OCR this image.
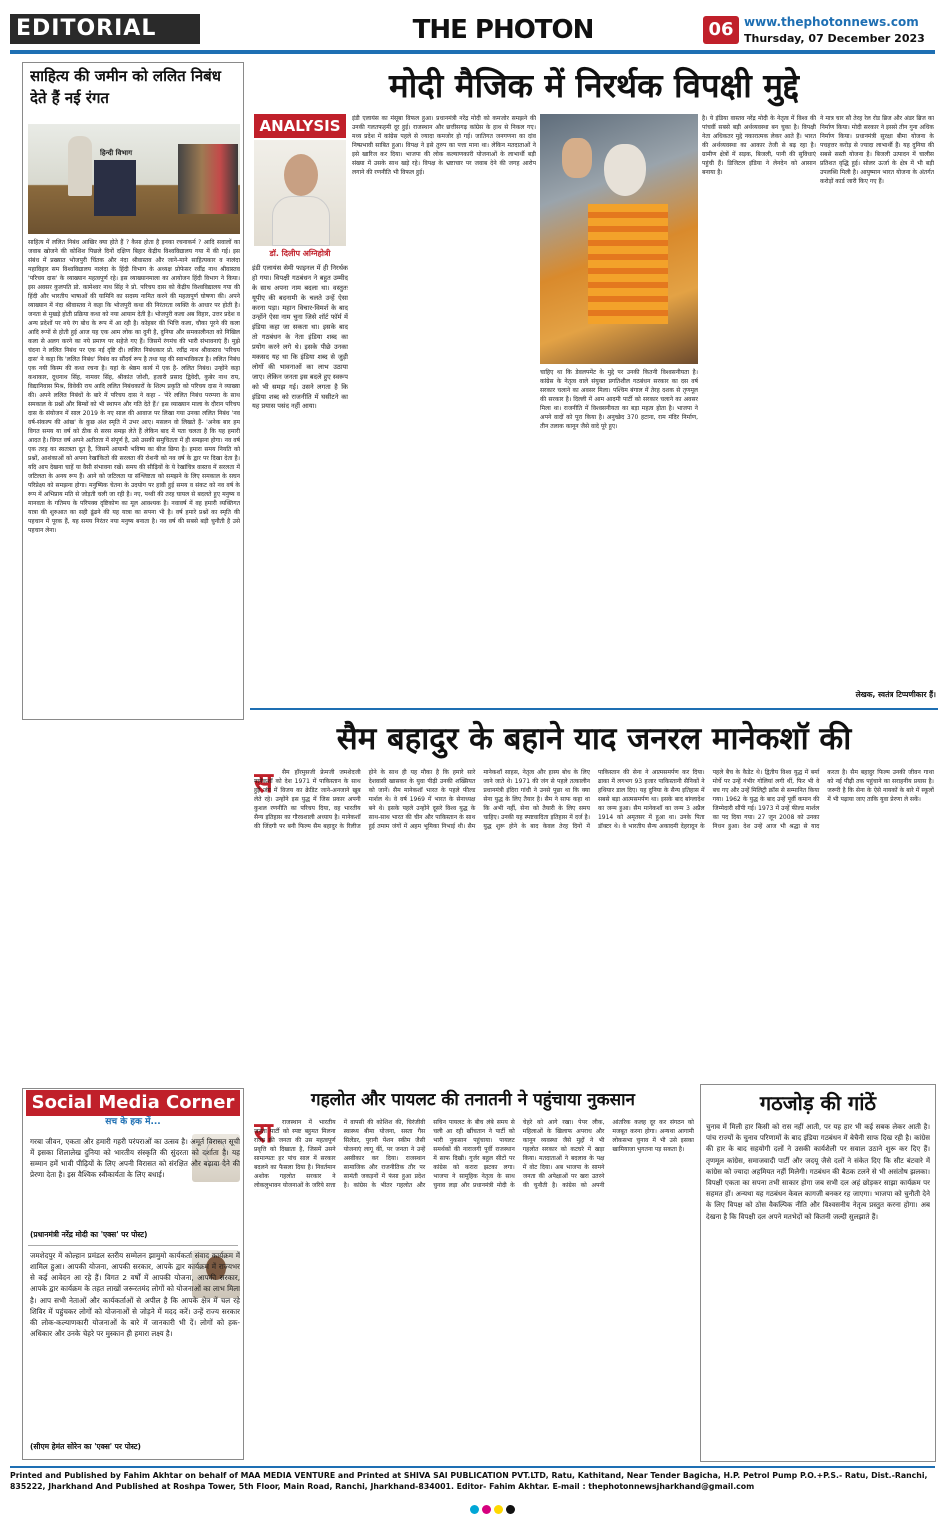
EDITORIAL	THE PHOTON	06 www.thephotonnews.com
Thursday, 07 December 2023
साहित्य की जमीन को ललित निबंध देते हैं नई रंगत
हिन्दी विभाग
साहित्य में ललित निबंध आखिर क्या होते हैं ? कैसा होता है इनका रचनाकर्म ? आदि सवालों का जवाब खोजने की कोशिश पिछले दिनों दक्षिण बिहार केंद्रीय विश्वविद्यालय गया में की गई। इस संबंध में प्रख्यात भोजपुरी चिंतक और नंदा श्रीवास्तव और जाने-माने साहित्यकार व नालंदा महाविहार सम विश्वविद्यालय नालंदा के हिंदी विभाग के अध्यक्ष प्रोफेसर रवींद्र नाथ श्रीवास्तव 'परिचय दास' के व्याख्यान महत्वपूर्ण रहे। इस व्याख्यानमाला का आयोजन हिंदी विभाग ने किया। इस अवसर कुलपति प्रो. कामेश्वर नाथ सिंह ने प्रो. परिचय दास को केंद्रीय विश्वविद्यालय गया की हिंदी और भारतीय भाषाओं की यामिनि का सदस्य नामित करने की महत्वपूर्ण घोषणा की। अपने व्याख्यान में नंदा श्रीवास्तव ने कहा कि भोजपुरी कथा की निरंतरता व्यक्ति के आधार पर होती है। जनता से मुखड़े होती प्रक्रिया कथा को नया आयाम देती है। भोजपुरी कला अब विहार, उत्तर प्रदेश व अन्य प्रदेशों पर नये रंग बोध के रूप में आ रही है। कोहबर की भित्ति कला, चौका पूरने की कला आदि रूपों से होती हुई आज यह एक आम लोक का दुनी है, दुनिया और समकालीनता को निखिल कला से अलग करने का नये प्रमाण पर सहेजे गए हैं। जिसमें रंगमंच की भारी संभावनाएं हैं। मुझे चंदना ने ललित निबंध पर एक नई दृष्टि दी। ललित निबंधकार प्रो. रवींद्र नाथ श्रीवास्तव 'परिचय दास' ने कहा कि 'ललित निबंध' निबंध का सौंदर्य रूप है तथा यह की स्वाभाविकता है। ललित निबंध एक नयी किस्म की कथा रचना है। यहां के श्रेष्ठम कार्य में एक है- ललित निबंध। उन्होंने कहा कथाकार, दूधनाथ सिंह, नामवर सिंह, श्रीकांत जोशी, हजारी प्रसाद द्विवेदी, कुबेर नाथ राय, विद्यानिवास मिश्र, विवेकी राय आदि ललित निबंधकारों के शिल्प प्रकृति को परिचय दास ने व्याख्या की। अपने ललित निबंधों के बारे में परिचय दास ने कहा - 'मेरे ललित निबंध परम्परा के साथ समकाल के प्रश्नों और बिम्बों को भी स्थापन और गति देते हैं।' इस व्याख्यान माला के दौरान परिचय दास के संयोजन में साल 2019 के नए साल की आवाज पर लिखा गया उनका ललित निबंध 'नव वर्ष-संकल्प की आंख' के कुछ अंश स्मृति में उभर आए। मसलन वो लिखते हैं- 'अनेक बार हम विगत समय या वर्ष को ठीक से सरस समझ लेते हैं लेकिन बाद में पता चलता है कि यह हमारी आदत है। विगत वर्ष अपने अतीतता में संपूर्ण है, उसे उसकी समुचितता में ही समझना होगा। नव वर्ष एक तरह का स्वतत्रता दूत है, जिसमें आयामी भविष्य का बीज छिपा है। हमारा समय नियति को प्रश्नों, आशंकाओं को अपना रेखांकितो की सरलता की रोशनी को नव वर्ष के द्वार पर दिखा देता है। यदि आप देखना चाहें या वैसी संभावना रखें। समय की सीढ़ियों के ये रेखांचित्र वास्तव में सरलता में जटिलता के अनय रूप हैं। आने को जटिलता या संश्लिष्टता को समझने के लिए समकाल के सघन परिप्रेक्ष्य को समझना होगा। मनुष्यिक चेतना के उदयोग पर हावी हुई समय व संकट को नव वर्ष के रूप में अभिप्राय मति से जोड़ती चली जा रही है। नए, पथ्वी की तरह घायल से बदलते हुए मनुष्य व मानवता के गतिमय के परिपक्व दृष्टिकोण का मूल आवश्यक है। नवावर्ष में वह हमारी व्यक्तिगत यात्रा की शुरुआत का सही ढूंढने की यह यात्रा का सपना भी है। वर्ष हमारे प्रश्नों का स्मृति की पहचान में पूरक हैं, यह समय निरंतर नया मनुष्य बनाता है। नव वर्ष की सबसे बड़ी चुनौती है उसे पहचान लेना।
मोदी मैजिक में निरर्थक विपक्षी मुद्दे
ANALYSIS
डॉ. दिलीप अग्निहोत्री
इंडी एलायंस सेमी फाइनल में ही निरर्थक हो गया। विपक्षी गठबंधन ने बहुत उम्मीद के साथ अपना नाम बदला था। वस्तुतः यूपीए की बदनामी के चलते उन्हें ऐसा करना पड़ा। महान विचार-विमर्श के बाद उन्होंने ऐसा नाम चुना जिसे शॉर्ट फॉर्म में इंडिया कहा जा सकता था। इसके बाद तो गठबंधन के नेता इंडिया शब्द का प्रयोग करने लगे थे। इसके पीछे उनका मकसद यह था कि इंडिया शब्द से जुड़ी लोगों की भावनाओं का लाभ उठाया जाए। लेकिन जनता इस बदले हुए स्वरूप को भी समझ गई। उसने लगता है कि इंडिया शब्द को राजनीति में घसीटने का यह प्रयास पसंद नहीं आया।
इंडी एलायंस का मंसूबा विफल हुआ। प्रधानमंत्री नरेंद्र मोदी को कमजोर समझने की उनकी गलतफहमी दूर हुई। राजस्थान और छत्तीसगढ़ कांग्रेस के हाथ से निकल गए। मध्य प्रदेश में कांग्रेस पहले से ज्यादा कमजोर हो गई। जातिगत जनगणना का दांव निष्प्रभावी साबित हुआ। विपक्ष ने इसे तुरुप का पत्ता माना था। लेकिन मतदाताओं ने इसे खारिज कर दिया। भाजपा की लोक कल्याणकारी योजनाओं के लाभार्थी बड़ी संख्या में उसके साथ खड़े रहे। विपक्ष के भ्रष्टाचार पर जवाब देने की जगह आरोप लगाने की रणनीति भी विफल हुई।
चाहिए था कि डेवलपमेंट के मुद्दे पर उनकी कितनी विश्वसनीयता है। कांग्रेस के नेतृत्व वाले संयुक्त प्रगतिशील गठबंधन सरकार का दस वर्ष सरकार चलाने का अवसर मिला। पश्चिम बंगाल में तेरह दशक से तृणमूल की सरकार है। दिल्ली में आम आदमी पार्टी को सरकार चलाने का अवसर मिला था। राजनीति में विश्वसनीयता का बड़ा महत्व होता है। भाजपा ने अपने वादों को पूरा किया है। अनुच्छेद 370 हटाना, राम मंदिर निर्माण, तीन तलाक कानून जैसे वादे पूरे हुए।
है। ये इंडिया वास्तव नरेंद्र मोदी के नेतृत्व में विश्व की पांचवीं सबसे बड़ी अर्थव्यवस्था बन चुका है। विपक्षी नेता अधिकतर मुद्दे नकारात्मक लेकर आते हैं। भारत की अर्थव्यवस्था का आकार तेजी से बढ़ रहा है। ग्रामीण क्षेत्रों में सड़क, बिजली, पानी की सुविधाएं पहुंची हैं। डिजिटल इंडिया ने लेनदेन को आसान बनाया है।
ने मात्र चार सौ तेरह रेल रोड ब्रिज और अंडर ब्रिज का निर्माण किया। मोदी सरकार ने इससे तीन गुना अधिक निर्माण किया। प्रधानमंत्री सुरक्षा बीमा योजना के पचहत्तर करोड़ से ज्यादा लाभार्थी हैं। यह दुनिया की सबसे सस्ती योजना है। बिजली उत्पादन में चालीस प्रतिशत वृद्धि हुई। सोलर ऊर्जा के क्षेत्र में भी बड़ी उपलब्धि मिली है। आयुष्मान भारत योजना के अंतर्गत करोड़ों कार्ड जारी किए गए हैं।
लेखक, स्वतंत्र टिप्पणीकार हैं।
सैम बहादुर के बहाने याद जनरल मानेकशॉ की
स	सैम हॉरमुसजी फ्रेमजी जमशेदजी मानेकशॉ को देश 1971 में पाकिस्तान के साथ हुई जंग में विजय का क्रेडिट जाने-अनजाने खूब लेते रहे। उन्होंने इस युद्ध में जिस प्रकार अपनी कुशल रणनीति का परिचय दिया, वह भारतीय सैन्य इतिहास का गौरवशाली अध्याय है। मानेकशॉ की जिंदगी पर बनी फिल्म सैम बहादुर के रिलीज होने के साथ ही यह मौका है कि हमारे सारे देशवासी खासकर के युवा पीढ़ी उनकी शख्सियत को जानें। सैम मानेकशॉ भारत के पहले फील्ड मार्शल थे। वे वर्ष 1969 में भारत के सेनाध्यक्ष बने थे। इसके पहले उन्होंने दूसरे विश्व युद्ध के साथ-साथ भारत की चीन और पाकिस्तान के साथ हुई तमाम जंगों में अहम भूमिका निभाई थी। सैम मानेकशॉ साहस, नेतृत्व और हास्य बोध के लिए जाने जाते थे। 1971 की जंग से पहले तत्कालीन प्रधानमंत्री इंदिरा गांधी ने उनसे पूछा था कि क्या सेना युद्ध के लिए तैयार है। सैम ने साफ कहा था कि अभी नहीं, सेना को तैयारी के लिए समय चाहिए। उनकी यह स्पष्टवादिता इतिहास में दर्ज है। युद्ध शुरू होने के बाद केवल तेरह दिनों में पाकिस्तान की सेना ने आत्मसमर्पण कर दिया। ढाका में लगभग 93 हजार पाकिस्तानी सैनिकों ने हथियार डाल दिए। यह दुनिया के सैन्य इतिहास में सबसे बड़ा आत्मसमर्पण था। इसके बाद बांग्लादेश का जन्म हुआ। सैम मानेकशॉ का जन्म 3 अप्रैल 1914 को अमृतसर में हुआ था। उनके पिता डॉक्टर थे। वे भारतीय सैन्य अकादमी देहरादून के पहले बैच के कैडेट थे। द्वितीय विश्व युद्ध में बर्मा मोर्चे पर उन्हें गंभीर गोलियां लगी थीं, फिर भी वे बच गए और उन्हें मिलिट्री क्रॉस से सम्मानित किया गया। 1962 के युद्ध के बाद उन्हें पूर्वी कमान की जिम्मेदारी सौंपी गई। 1973 में उन्हें फील्ड मार्शल का पद दिया गया। 27 जून 2008 को उनका निधन हुआ। देश उन्हें आज भी श्रद्धा से याद करता है। सैम बहादुर फिल्म उनकी जीवन गाथा को नई पीढ़ी तक पहुंचाने का सराहनीय प्रयास है। जरूरी है कि सेना के ऐसे नायकों के बारे में स्कूलों में भी पढ़ाया जाए ताकि युवा प्रेरणा ले सकें।
Social Media Corner
सच के हक में...
गरबा जीवन, एकता और हमारी गहरी परंपराओं का उत्सव है। अमूर्त विरासत सूची में इसका शिलालेख दुनिया को भारतीय संस्कृति की सुंदरता को दर्शाता है। यह सम्मान हमें भावी पीढ़ियों के लिए अपनी विरासत को संरक्षित और बढ़ावा देने की प्रेरणा देता है। इस वैश्विक स्वीकार्यता के लिए बधाई।
(प्रधानमंत्री नरेंद्र मोदी का 'एक्स' पर पोस्ट)
जमशेदपुर में कोल्हान प्रमंडल स्तरीय सम्मेलन झामुमो कार्यकर्ता संवाद कार्यक्रम में शामिल हुआ। आपकी योजना, आपकी सरकार, आपके द्वार कार्यक्रम में राज्यभर से कई आवेदन आ रहे हैं। विगत 2 वर्षों में आपकी योजना, आपकी सरकार, आपके द्वार कार्यक्रम के तहत लाखों जरूरतमंद लोगों को योजनाओं का लाभ मिला है। आप सभी नेताओं और कार्यकर्ताओं से अपील है कि आपके क्षेत्र में चल रहे शिविर में पहुंचकर लोगों को योजनाओं से जोड़ने में मदद करें। उन्हें राज्य सरकार की लोक-कल्याणकारी योजनाओं के बारे में जानकारी भी दें। लोगों को हक-अधिकार और उनके चेहरे पर मुस्कान ही हमारा लक्ष्य है।
(सीएम हेमंत सोरेन का 'एक्स' पर पोस्ट)
गहलोत और पायलट की तनातनी ने पहुंचाया नुकसान
रा	राजस्थान में भारतीय जनता पार्टी को स्पष्ट बहुमत मिलना राज्य की जनता की उस महत्वपूर्ण प्रवृत्ति को दिखाता है, जिसमें उसने सामान्यतः हर पांच साल में सरकार बदलने का फैसला दिया है। निवर्तमान अशोक गहलोत सरकार ने लोकलुभावन योजनाओं के जरिये सत्ता में वापसी की कोशिश की, चिरंजीवी स्वास्थ्य बीमा योजना, सस्ता गैस सिलेंडर, पुरानी पेंशन स्कीम जैसी योजनाएं लागू कीं, पर जनता ने उन्हें अस्वीकार कर दिया। राजस्थान सामाजिक और राजनीतिक तौर पर सामंती जकड़नों में फंसा हुआ प्रदेश है। कांग्रेस के भीतर गहलोत और सचिन पायलट के बीच लंबे समय से चली आ रही खींचतान ने पार्टी को भारी नुकसान पहुंचाया। पायलट समर्थकों की नाराजगी पूर्वी राजस्थान में साफ दिखी। गुर्जर बहुल सीटों पर कांग्रेस को करारा झटका लगा। भाजपा ने सामूहिक नेतृत्व के साथ चुनाव लड़ा और प्रधानमंत्री मोदी के चेहरे को आगे रखा। पेपर लीक, महिलाओं के खिलाफ अपराध और कानून व्यवस्था जैसे मुद्दों ने भी गहलोत सरकार को कटघरे में खड़ा किया। मतदाताओं ने बदलाव के पक्ष में वोट दिया। अब भाजपा के सामने जनता की अपेक्षाओं पर खरा उतरने की चुनौती है। कांग्रेस को अपनी आंतरिक कलह दूर कर संगठन को मजबूत करना होगा। अन्यथा आगामी लोकसभा चुनाव में भी उसे इसका खामियाजा भुगतना पड़ सकता है।
गठजोड़ की गांठें
चुनाव में मिली हार किसी को रास नहीं आती, पर यह हार भी कई सबक लेकर आती है। पांच राज्यों के चुनाव परिणामों के बाद इंडिया गठबंधन में बेचैनी साफ दिख रही है। कांग्रेस की हार के बाद सहयोगी दलों ने उसकी कार्यशैली पर सवाल उठाने शुरू कर दिए हैं। तृणमूल कांग्रेस, समाजवादी पार्टी और जदयू जैसे दलों ने संकेत दिए कि सीट बंटवारे में कांग्रेस को ज्यादा अहमियत नहीं मिलेगी। गठबंधन की बैठक टलने से भी असंतोष झलका। विपक्षी एकता का सपना तभी साकार होगा जब सभी दल अहं छोड़कर साझा कार्यक्रम पर सहमत हों। अन्यथा यह गठबंधन केवल कागजी बनकर रह जाएगा। भाजपा को चुनौती देने के लिए विपक्ष को ठोस वैकल्पिक नीति और विश्वसनीय नेतृत्व प्रस्तुत करना होगा। अब देखना है कि विपक्षी दल अपने मतभेदों को कितनी जल्दी सुलझाते हैं।
Printed and Published by Fahim Akhtar on behalf of MAA MEDIA VENTURE and Printed at SHIVA SAI PUBLICATION PVT.LTD, Ratu, Kathitand, Near Tender Bagicha, H.P. Petrol Pump P.O.+P.S.- Ratu, Dist.-Ranchi, 835222, Jharkhand And Published at Roshpa Tower, 5th Floor, Main Road, Ranchi, Jharkhand-834001. Editor- Fahim Akhtar. E-mail : thephotonnewsjharkhand@gmail.com
